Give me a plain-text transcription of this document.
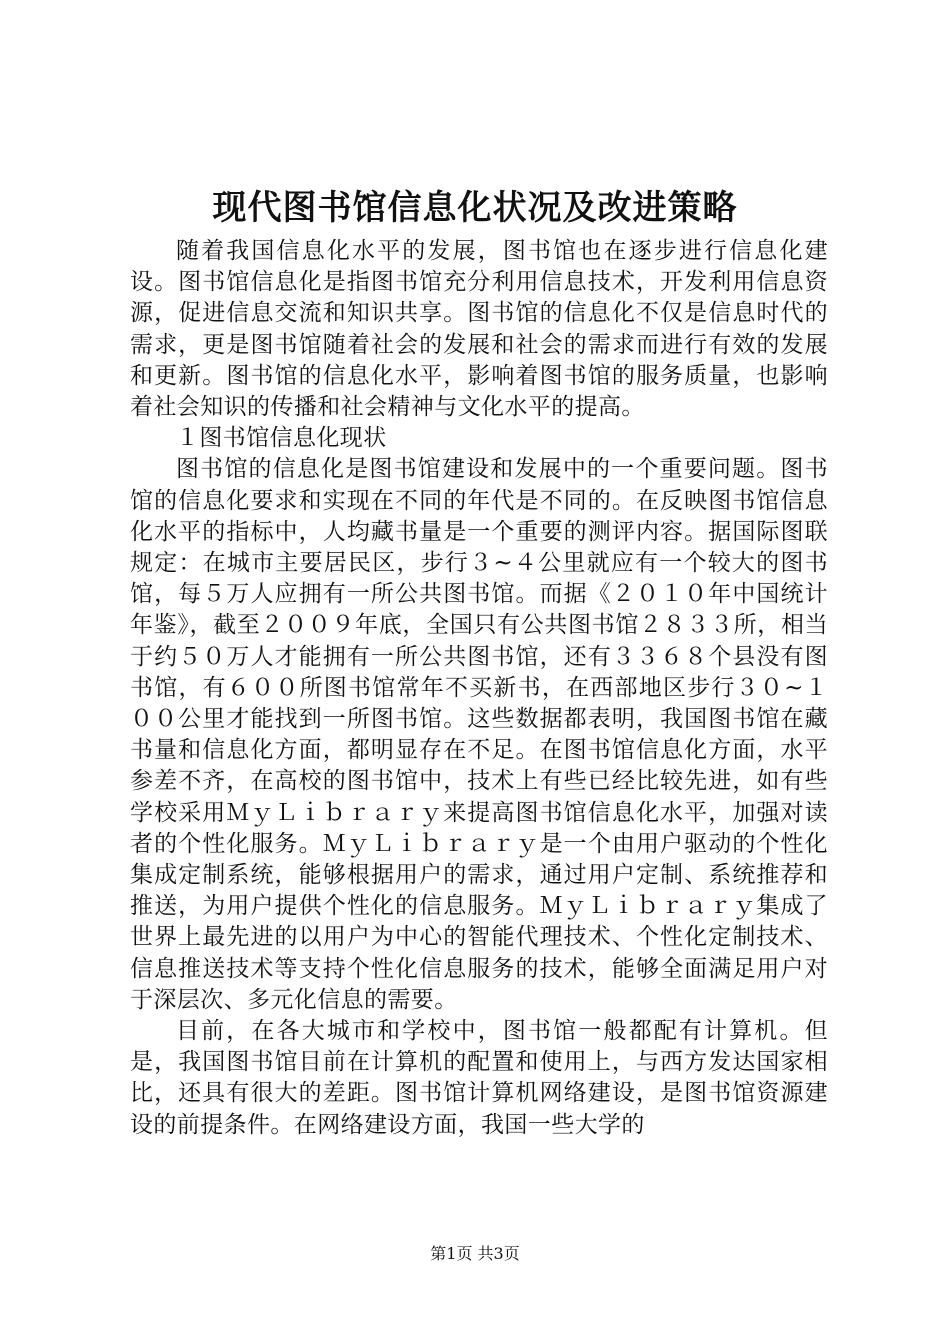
现代图书馆信息化状况及改进策略

随着我国信息化水平的发展，图书馆也在逐步进行信息化建设。图书馆信息化是指图书馆充分利用信息技术，开发利用信息资源，促进信息交流和知识共享。图书馆的信息化不仅是信息时代的需求，更是图书馆随着社会的发展和社会的需求而进行有效的发展和更新。图书馆的信息化水平，影响着图书馆的服务质量，也影响着社会知识的传播和社会精神与文化水平的提高。

１图书馆信息化现状

图书馆的信息化是图书馆建设和发展中的一个重要问题。图书馆的信息化要求和实现在不同的年代是不同的。在反映图书馆信息化水平的指标中，人均藏书量是一个重要的测评内容。据国际图联规定：在城市主要居民区，步行３~４公里就应有一个较大的图书馆，每５万人应拥有一所公共图书馆。而据《２０１０年中国统计年鉴》，截至２００９年底，全国只有公共图书馆２８３３所，相当于约５０万人才能拥有一所公共图书馆，还有３３６８个县没有图书馆，有６００所图书馆常年不买新书，在西部地区步行３０~１００公里才能找到一所图书馆。这些数据都表明，我国图书馆在藏书量和信息化方面，都明显存在不足。在图书馆信息化方面，水平参差不齐，在高校的图书馆中，技术上有些已经比较先进，如有些学校采用ＭｙＬｉｂｒａｒｙ来提高图书馆信息化水平，加强对读者的个性化服务。ＭｙＬｉｂｒａｒｙ是一个由用户驱动的个性化集成定制系统，能够根据用户的需求，通过用户定制、系统推荐和推送，为用户提供个性化的信息服务。ＭｙＬｉｂｒａｒｙ集成了世界上最先进的以用户为中心的智能代理技术、个性化定制技术、信息推送技术等支持个性化信息服务的技术，能够全面满足用户对于深层次、多元化信息的需要。

目前，在各大城市和学校中，图书馆一般都配有计算机。但是，我国图书馆目前在计算机的配置和使用上，与西方发达国家相比，还具有很大的差距。图书馆计算机网络建设，是图书馆资源建设的前提条件。在网络建设方面，我国一些大学的

第1页 共3页
